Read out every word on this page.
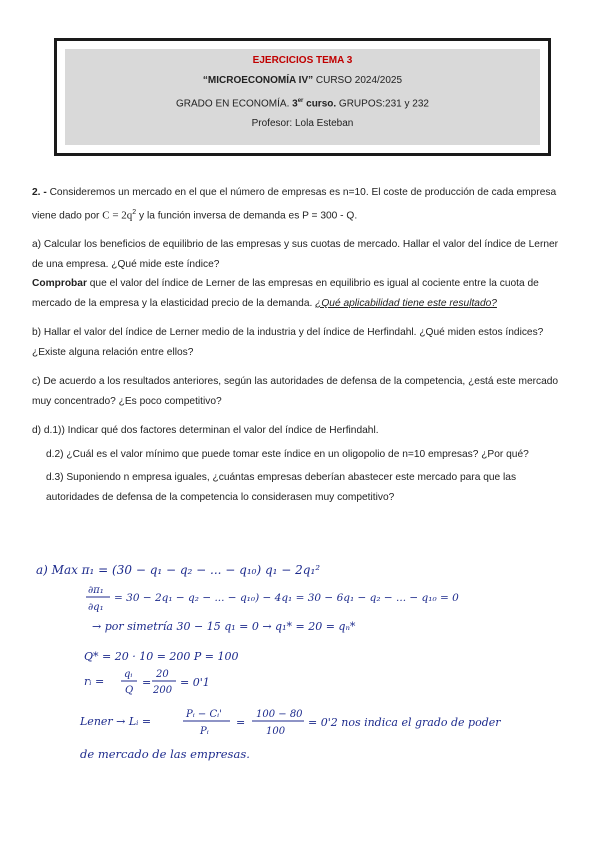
EJERCICIOS TEMA 3
“MICROECONOMÍA IV” CURSO 2024/2025
GRADO EN ECONOMÍA. 3er curso. GRUPOS:231 y 232
Profesor: Lola Esteban

2. - Consideremos un mercado en el que el número de empresas es n=10. El coste de producción de cada empresa viene dado por $C = 2q^2$ y la función inversa de demanda es P = 300 - Q.

a) Calcular los beneficios de equilibrio de las empresas y sus cuotas de mercado. Hallar el valor del índice de Lerner de una empresa. ¿Qué mide este índice?

Comprobar que el valor del índice de Lerner de las empresas en equilibrio es igual al cociente entre la cuota de mercado de la empresa y la elasticidad precio de la demanda. ¿Qué aplicabilidad tiene este resultado?

b) Hallar el valor del índice de Lerner medio de la industria y del índice de Herfindahl. ¿Qué miden estos índices? ¿Existe alguna relación entre ellos?

c) De acuerdo a los resultados anteriores, según las autoridades de defensa de la competencia, ¿está este mercado muy concentrado? ¿Es poco competitivo?

d) d.1)) Indicar qué dos factores determinan el valor del índice de Herfindahl.

d.2) ¿Cuál es el valor mínimo que puede tomar este índice en un oligopolio de n=10 empresas? ¿Por qué?

d.3) Suponiendo n empresa iguales, ¿cuántas empresas deberían abastecer este mercado para que las autoridades de defensa de la competencia lo considerasen muy competitivo?

a) Max π₁ = (30 − q₁ − q₂ − ... − q₁₀) q₁ − 2q₁²
∂π₁
∂q₁
= 30 − 2q₁ − q₂ − ... − q₁₀) − 4q₁ = 30 − 6q₁ − q₂ − ... − q₁₀ = 0
→ por simetría 30 − 15 q₁ = 0 → q₁* = 20 = qₙ*
Q* = 20 · 10 = 200 P = 100
rᵢ =
qᵢ
Q
=
20
200
= 0'1
Lener → Lᵢ =
Pᵢ − Cᵢ'
Pᵢ
=
100 − 80
100
= 0'2 nos indica el grado de poder
de mercado de las empresas.
